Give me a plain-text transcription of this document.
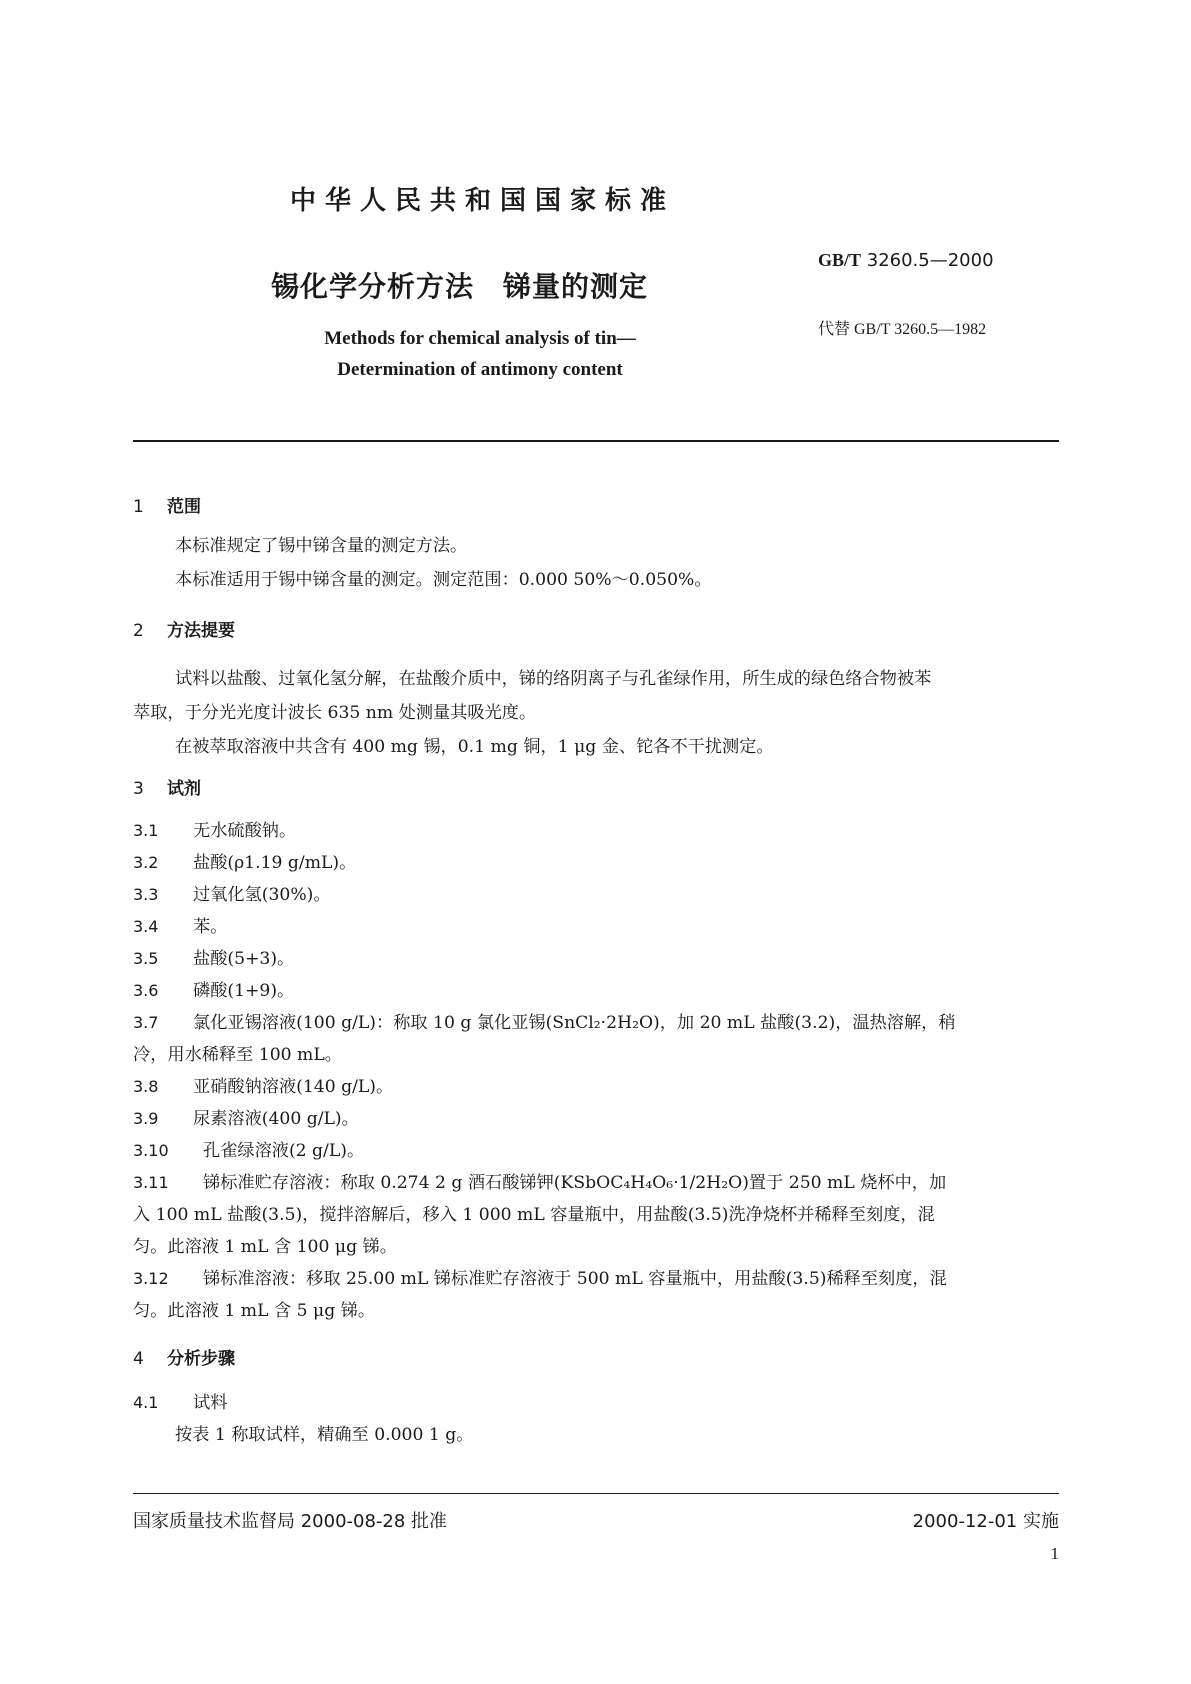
中华人民共和国国家标准
锡化学分析方法　锑量的测定
GB/T 3260.5—2000
代替 GB/T 3260.5—1982
Methods for chemical analysis of tin—
Determination of antimony content
1 范围
本标准规定了锡中锑含量的测定方法。
本标准适用于锡中锑含量的测定。测定范围：0.000 50%～0.050%。
2 方法提要
试料以盐酸、过氧化氢分解，在盐酸介质中，锑的络阴离子与孔雀绿作用，所生成的绿色络合物被苯
萃取，于分光光度计波长 635 nm 处测量其吸光度。
在被萃取溶液中共含有 400 mg 锡，0.1 mg 铜，1 μg 金、铊各不干扰测定。
3 试剂
3.1 无水硫酸钠。
3.2 盐酸(ρ1.19 g/mL)。
3.3 过氧化氢(30%)。
3.4 苯。
3.5 盐酸(5+3)。
3.6 磷酸(1+9)。
3.7 氯化亚锡溶液(100 g/L)：称取 10 g 氯化亚锡(SnCl₂·2H₂O)，加 20 mL 盐酸(3.2)，温热溶解，稍
冷，用水稀释至 100 mL。
3.8 亚硝酸钠溶液(140 g/L)。
3.9 尿素溶液(400 g/L)。
3.10 孔雀绿溶液(2 g/L)。
3.11 锑标准贮存溶液：称取 0.274 2 g 酒石酸锑钾(KSbOC₄H₄O₆·1/2H₂O)置于 250 mL 烧杯中，加
入 100 mL 盐酸(3.5)，搅拌溶解后，移入 1 000 mL 容量瓶中，用盐酸(3.5)洗净烧杯并稀释至刻度，混
匀。此溶液 1 mL 含 100 μg 锑。
3.12 锑标准溶液：移取 25.00 mL 锑标准贮存溶液于 500 mL 容量瓶中，用盐酸(3.5)稀释至刻度，混
匀。此溶液 1 mL 含 5 μg 锑。
4 分析步骤
4.1 试料
按表 1 称取试样，精确至 0.000 1 g。
国家质量技术监督局 2000-08-28 批准	2000-12-01 实施
1
